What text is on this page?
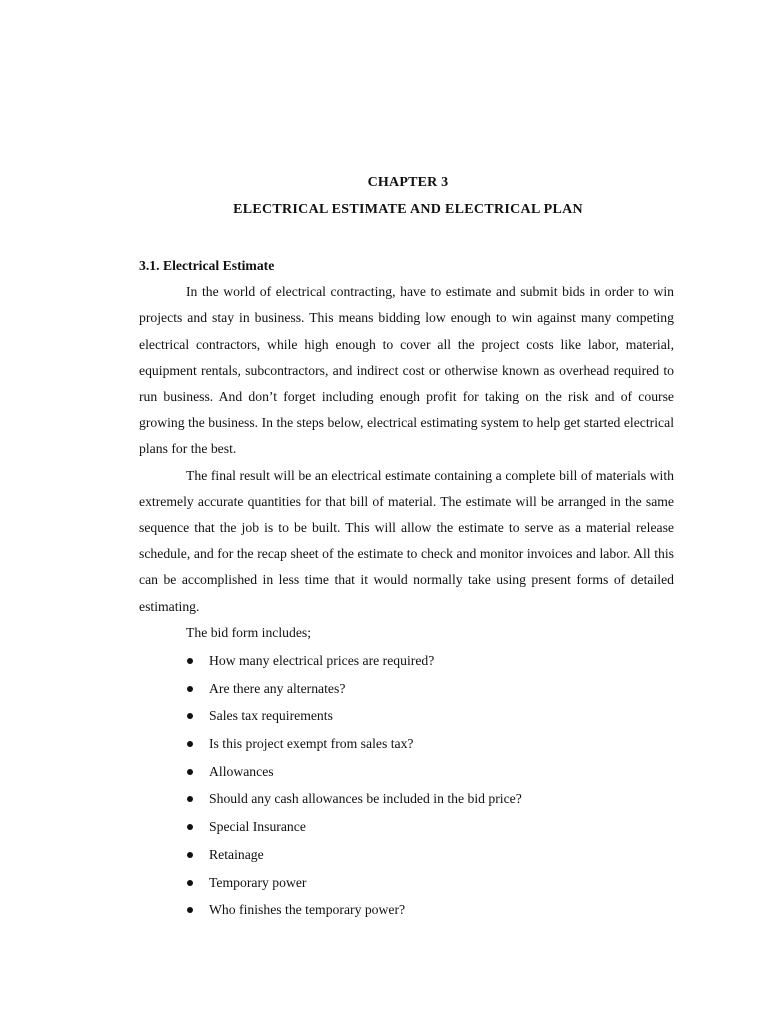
CHAPTER 3
ELECTRICAL ESTIMATE AND ELECTRICAL PLAN

3.1. Electrical Estimate

In the world of electrical contracting, have to estimate and submit bids in order to win projects and stay in business. This means bidding low enough to win against many competing electrical contractors, while high enough to cover all the project costs like labor, material, equipment rentals, subcontractors, and indirect cost or otherwise known as overhead required to run business. And don’t forget including enough profit for taking on the risk and of course growing the business. In the steps below, electrical estimating system to help get started electrical plans for the best.

The final result will be an electrical estimate containing a complete bill of materials with extremely accurate quantities for that bill of material. The estimate will be arranged in the same sequence that the job is to be built. This will allow the estimate to serve as a material release schedule, and for the recap sheet of the estimate to check and monitor invoices and labor. All this can be accomplished in less time that it would normally take using present forms of detailed estimating.

The bid form includes;

How many electrical prices are required?
Are there any alternates?
Sales tax requirements
Is this project exempt from sales tax?
Allowances
Should any cash allowances be included in the bid price?
Special Insurance
Retainage
Temporary power
Who finishes the temporary power?
